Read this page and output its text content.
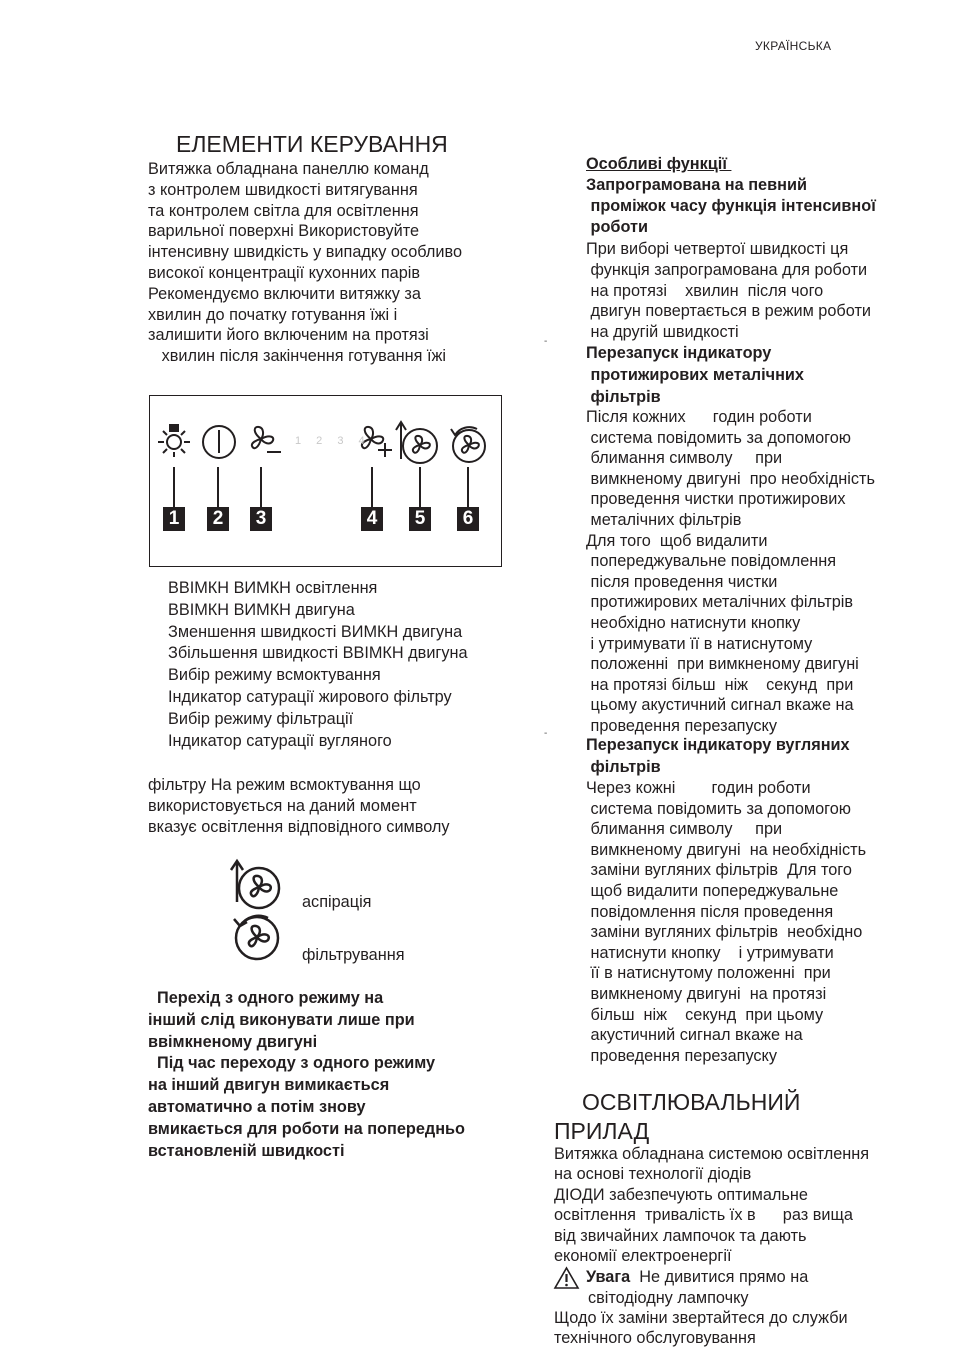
УКРАЇНСЬКА
ЕЛЕМЕНТИ КЕРУВАННЯ
Витяжка обладнана панеллю команд
з контролем швидкості витягування
та контролем світла для освітлення
варильної поверхні Використовуйте
інтенсивну швидкість у випадку особливо
високої концентрації кухонних парів
Рекомендуємо включити витяжку за
хвилин до початку готування їжі і
залишити його включеним на протязі
хвилин після закінчення готування їжі
1 2 3 4
1	2	3	4	5	6
ВВІМКН ВИМКН освітлення
ВВІМКН ВИМКН двигуна
Зменшення швидкості ВИМКН двигуна
Збільшення швидкості ВВІМКН двигуна
Вибір режиму всмоктування
Індикатор сатурації жирового фільтру
Вибір режиму фільтрації
Індикатор сатурації вугляного
фільтру На режим всмоктування що
використовується на даний момент
вказує освітлення відповідного символу
аспірація
фільтрування
Перехід з одного режиму на
інший слід виконувати лише при
ввімкненому двигуні
Під час переходу з одного режиму
на інший двигун вимикається
автоматично а потім знову
вмикається для роботи на попередньо
встановленій швидкості
Особливі функції
Запрограмована на певний
проміжок часу функція інтенсивної
роботи
При виборі четвертої швидкості ця
функція запрограмована для роботи
на протязі    хвилин  після чого
двигун повертається в режим роботи
на другій швидкості
-
Перезапуск індикатору
протижирових металічних
фільтрів
Після кожних      годин роботи
система повідомить за допомогою
блимання символу     при
вимкненому двигуні  про необхідність
проведення чистки протижирових
металічних фільтрів
Для того  щоб видалити
попереджувальне повідомлення
після проведення чистки
протижирових металічних фільтрів
необхідно натиснути кнопку
і утримувати її в натиснутому
положенні  при вимкненому двигуні
на протязі більш  ніж    секунд  при
цьому акустичний сигнал вкаже на
проведення перезапуску
-
Перезапуск індикатору вугляних
фільтрів
Через кожні        годин роботи
система повідомить за допомогою
блимання символу     при
вимкненому двигуні  на необхідність
заміни вугляних фільтрів  Для того
щоб видалити попереджувальне
повідомлення після проведення
заміни вугляних фільтрів  необхідно
натиснути кнопку    і утримувати
її в натиснутому положенні  при
вимкненому двигуні  на протязі
більш  ніж    секунд  при цьому
акустичний сигнал вкаже на
проведення перезапуску
ОСВІТЛЮВАЛЬНИЙ
ПРИЛАД
Витяжка обладнана системою освітлення
на основі технології діодів
ДІОДИ забезпечують оптимальне
освітлення  тривалість їх в      раз вища
від звичайних лампочок та дають
економії електроенергії
Увага  Не дивитися прямо на
світодіодну лампочку
Щодо їх заміни звертайтеся до служби
технічного обслуговування
